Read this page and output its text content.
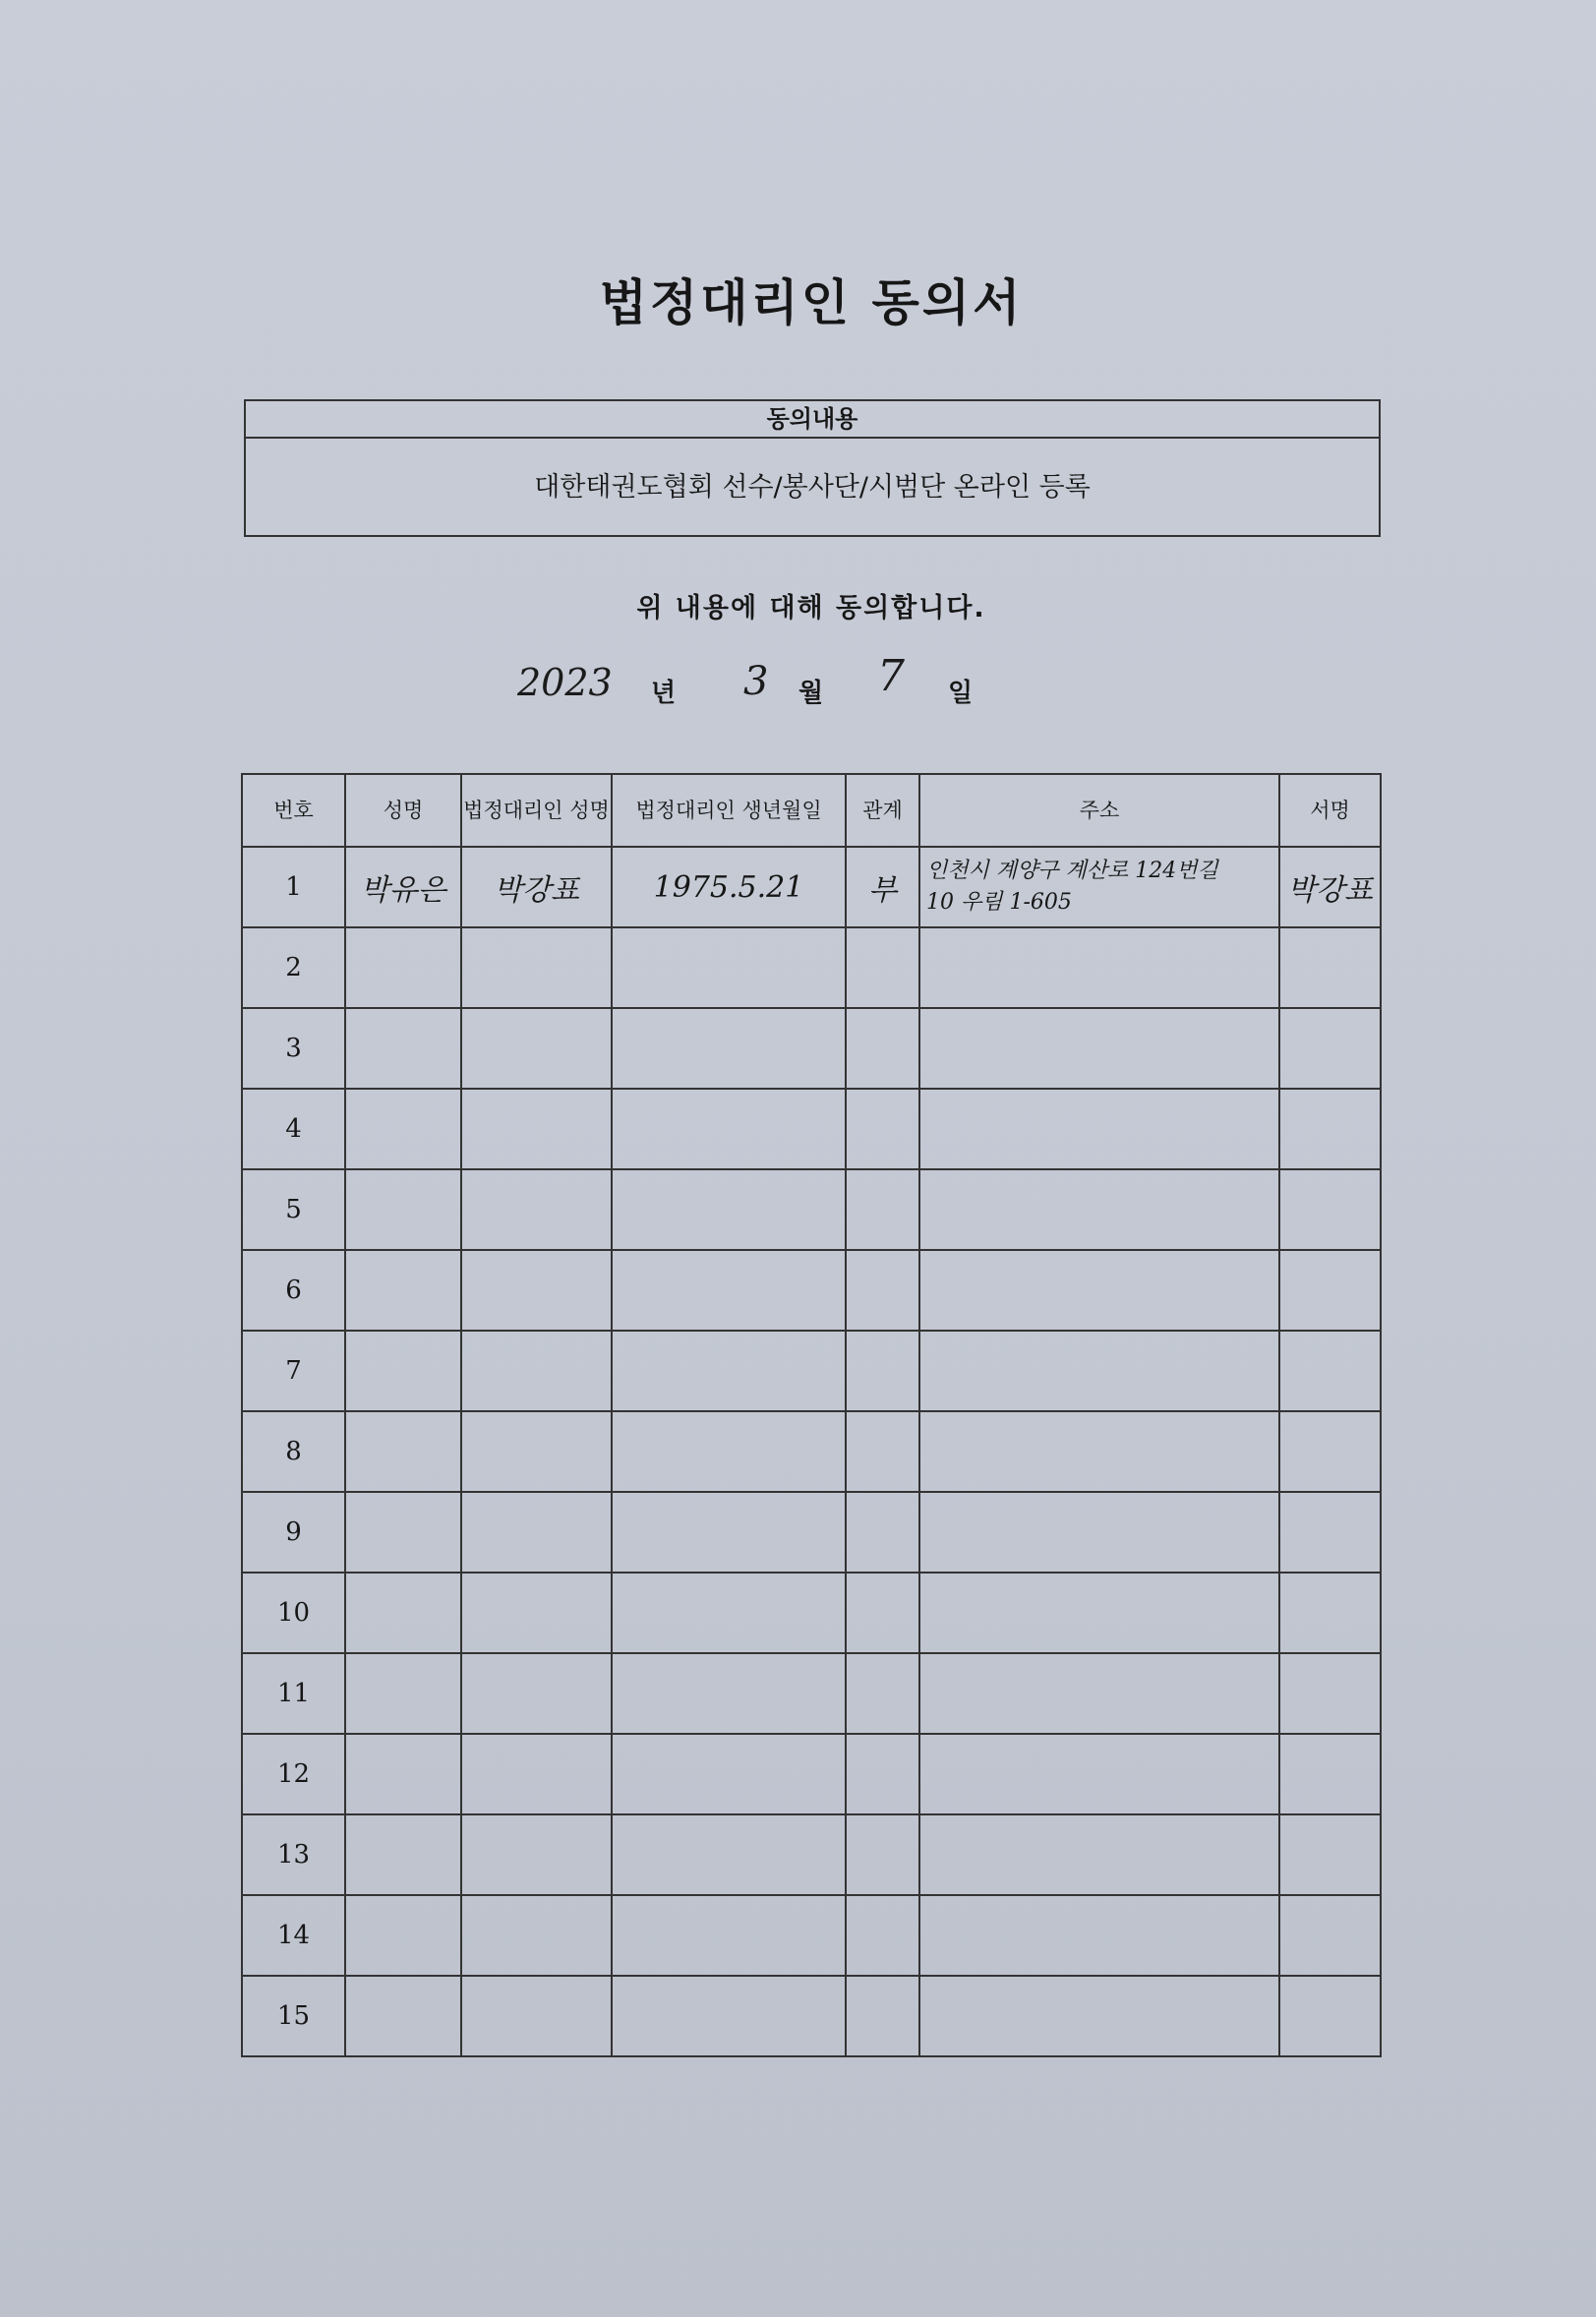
법정대리인 동의서
동의내용
대한태권도협회 선수/봉사단/시범단 온라인 등록
위 내용에 대해 동의합니다.
2023 년 3 월 7 일
번호	성명	법정대리인 성명	법정대리인 생년월일	관계	주소	서명
1	박유은	박강표	1975.5.21	부	인천시 계양구 계산로 124번길
10 우림 1-605	박강표
2					

3					

4					

5					

6					

7					

8					

9					

10					

11					

12					

13					

14					

15					
